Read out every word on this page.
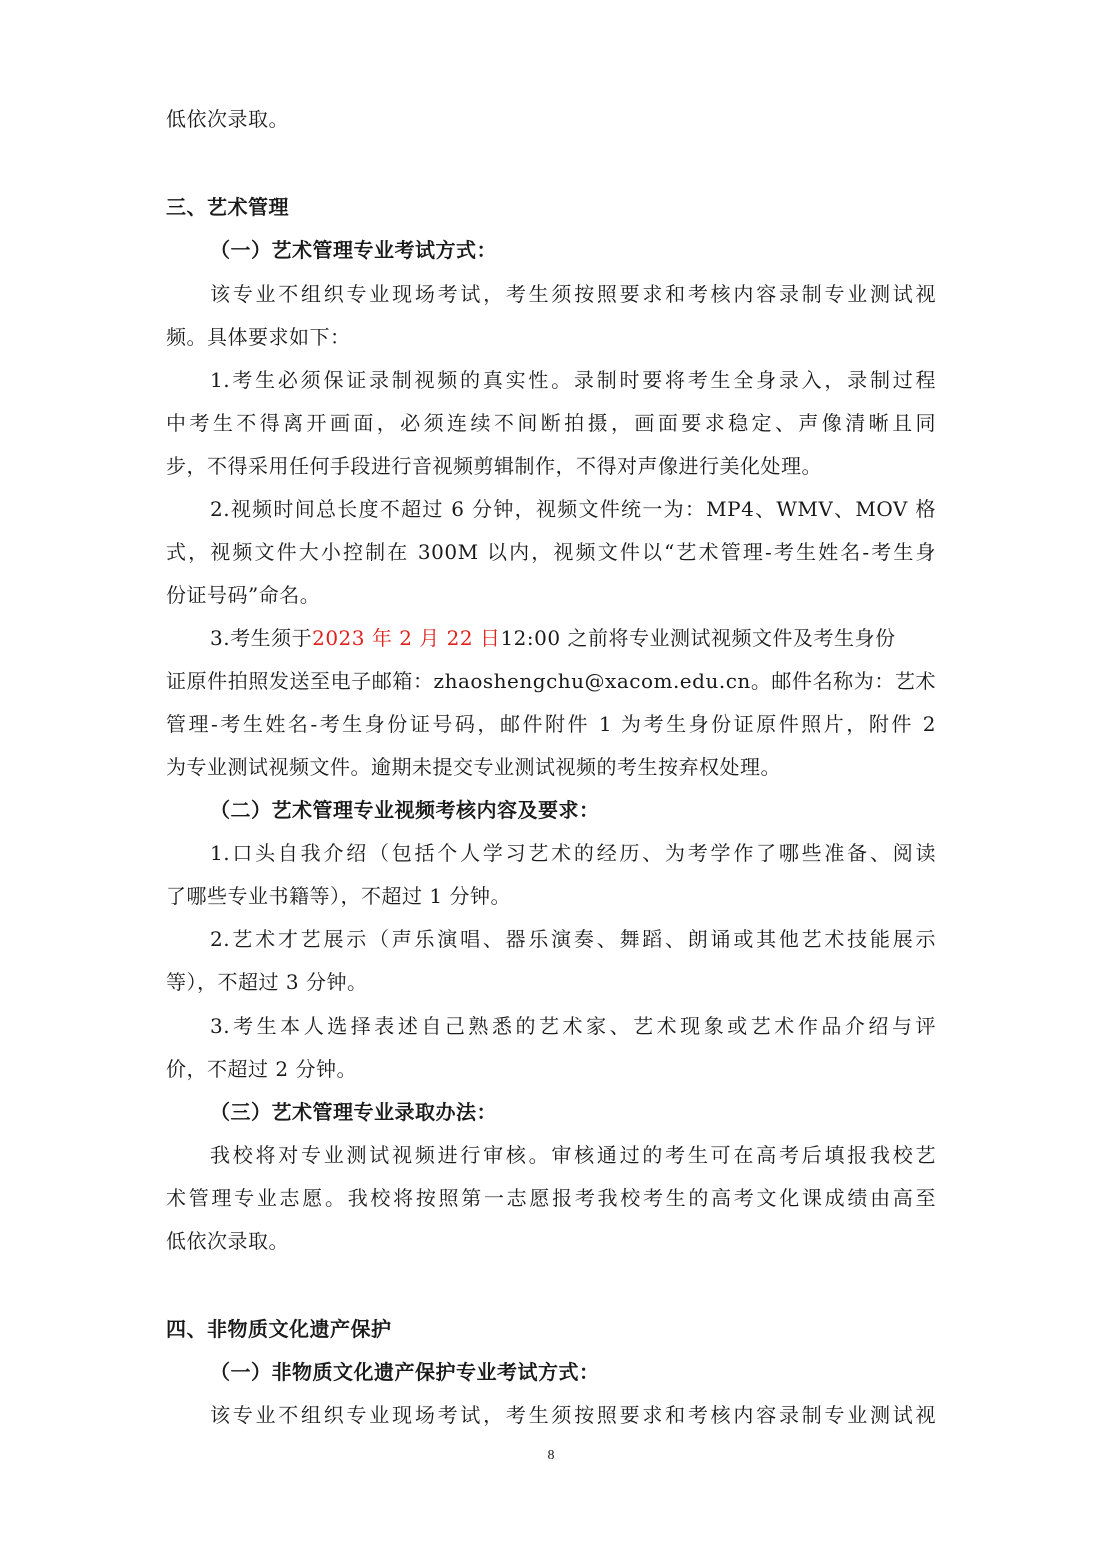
低依次录取。
三、艺术管理
（一）艺术管理专业考试方式：
该专业不组织专业现场考试，考生须按照要求和考核内容录制专业测试视
频。具体要求如下：
1.考生必须保证录制视频的真实性。录制时要将考生全身录入，录制过程
中考生不得离开画面，必须连续不间断拍摄，画面要求稳定、声像清晰且同
步，不得采用任何手段进行音视频剪辑制作，不得对声像进行美化处理。
2.视频时间总长度不超过 6 分钟，视频文件统一为：MP4、WMV、MOV 格
式，视频文件大小控制在 300M 以内，视频文件以“艺术管理-考生姓名-考生身
份证号码”命名。
3.考生须于2023 年 2 月 22 日12:00 之前将专业测试视频文件及考生身份
证原件拍照发送至电子邮箱：zhaoshengchu@xacom.edu.cn。邮件名称为：艺术
管理-考生姓名-考生身份证号码，邮件附件 1 为考生身份证原件照片，附件 2
为专业测试视频文件。逾期未提交专业测试视频的考生按弃权处理。
（二）艺术管理专业视频考核内容及要求：
1.口头自我介绍（包括个人学习艺术的经历、为考学作了哪些准备、阅读
了哪些专业书籍等），不超过 1 分钟。
2.艺术才艺展示（声乐演唱、器乐演奏、舞蹈、朗诵或其他艺术技能展示
等），不超过 3 分钟。
3.考生本人选择表述自己熟悉的艺术家、艺术现象或艺术作品介绍与评
价，不超过 2 分钟。
（三）艺术管理专业录取办法：
我校将对专业测试视频进行审核。审核通过的考生可在高考后填报我校艺
术管理专业志愿。我校将按照第一志愿报考我校考生的高考文化课成绩由高至
低依次录取。
四、非物质文化遗产保护
（一）非物质文化遗产保护专业考试方式：
该专业不组织专业现场考试，考生须按照要求和考核内容录制专业测试视
8
